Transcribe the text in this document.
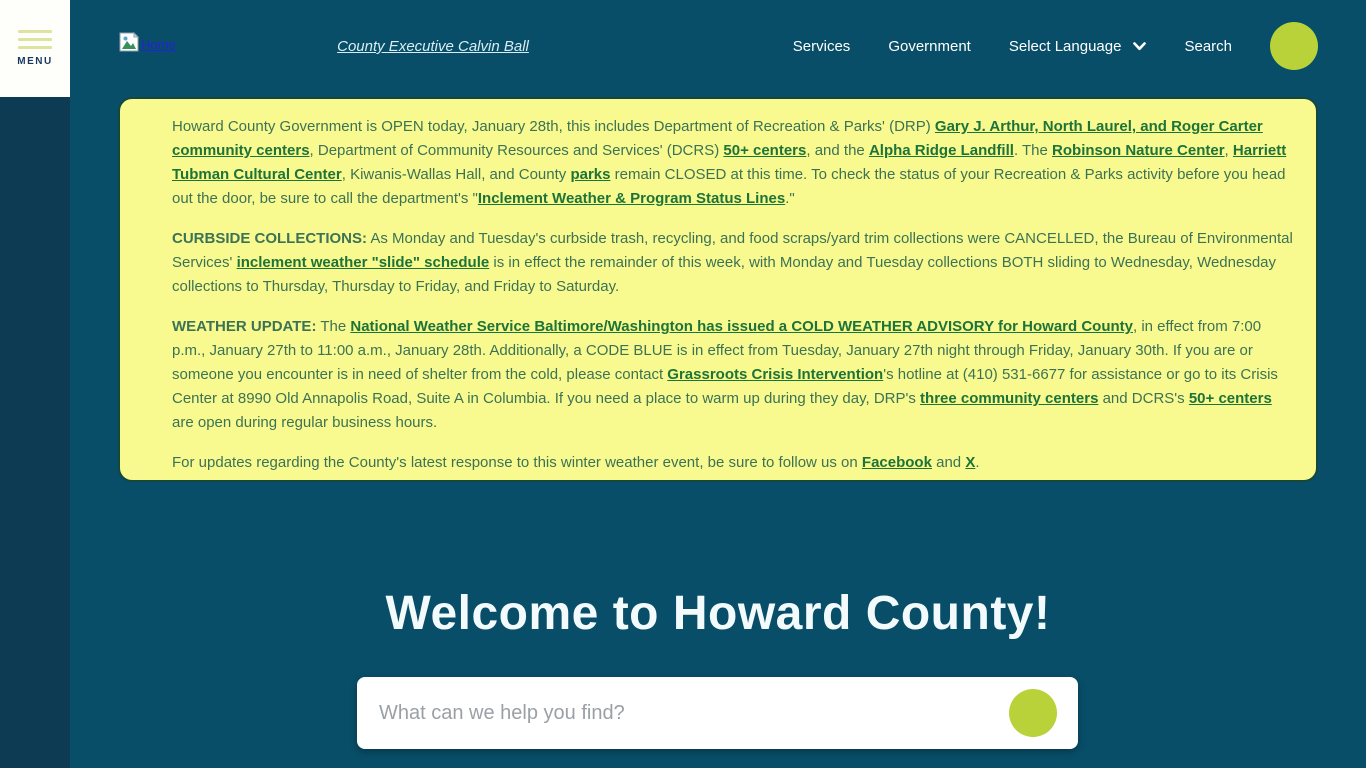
MENU
Home	County Executive Calvin Ball	Services	Government	Select Language	Search

Howard County Government is OPEN today, January 28th, this includes Department of Recreation & Parks' (DRP) Gary J. Arthur, North Laurel, and Roger Carter community centers, Department of Community Resources and Services' (DCRS) 50+ centers, and the Alpha Ridge Landfill. The Robinson Nature Center, Harriett Tubman Cultural Center, Kiwanis-Wallas Hall, and County parks remain CLOSED at this time. To check the status of your Recreation & Parks activity before you head out the door, be sure to call the department's "Inclement Weather & Program Status Lines."

CURBSIDE COLLECTIONS: As Monday and Tuesday's curbside trash, recycling, and food scraps/yard trim collections were CANCELLED, the Bureau of Environmental Services' inclement weather "slide" schedule is in effect the remainder of this week, with Monday and Tuesday collections BOTH sliding to Wednesday, Wednesday collections to Thursday, Thursday to Friday, and Friday to Saturday.

WEATHER UPDATE: The National Weather Service Baltimore/Washington has issued a COLD WEATHER ADVISORY for Howard County, in effect from 7:00 p.m., January 27th to 11:00 a.m., January 28th. Additionally, a CODE BLUE is in effect from Tuesday, January 27th night through Friday, January 30th. If you are or someone you encounter is in need of shelter from the cold, please contact Grassroots Crisis Intervention's hotline at (410) 531-6677 for assistance or go to its Crisis Center at 8990 Old Annapolis Road, Suite A in Columbia. If you need a place to warm up during they day, DRP's three community centers and DCRS's 50+ centers are open during regular business hours.

For updates regarding the County's latest response to this winter weather event, be sure to follow us on Facebook and X.

Welcome to Howard County!
What can we help you find?
